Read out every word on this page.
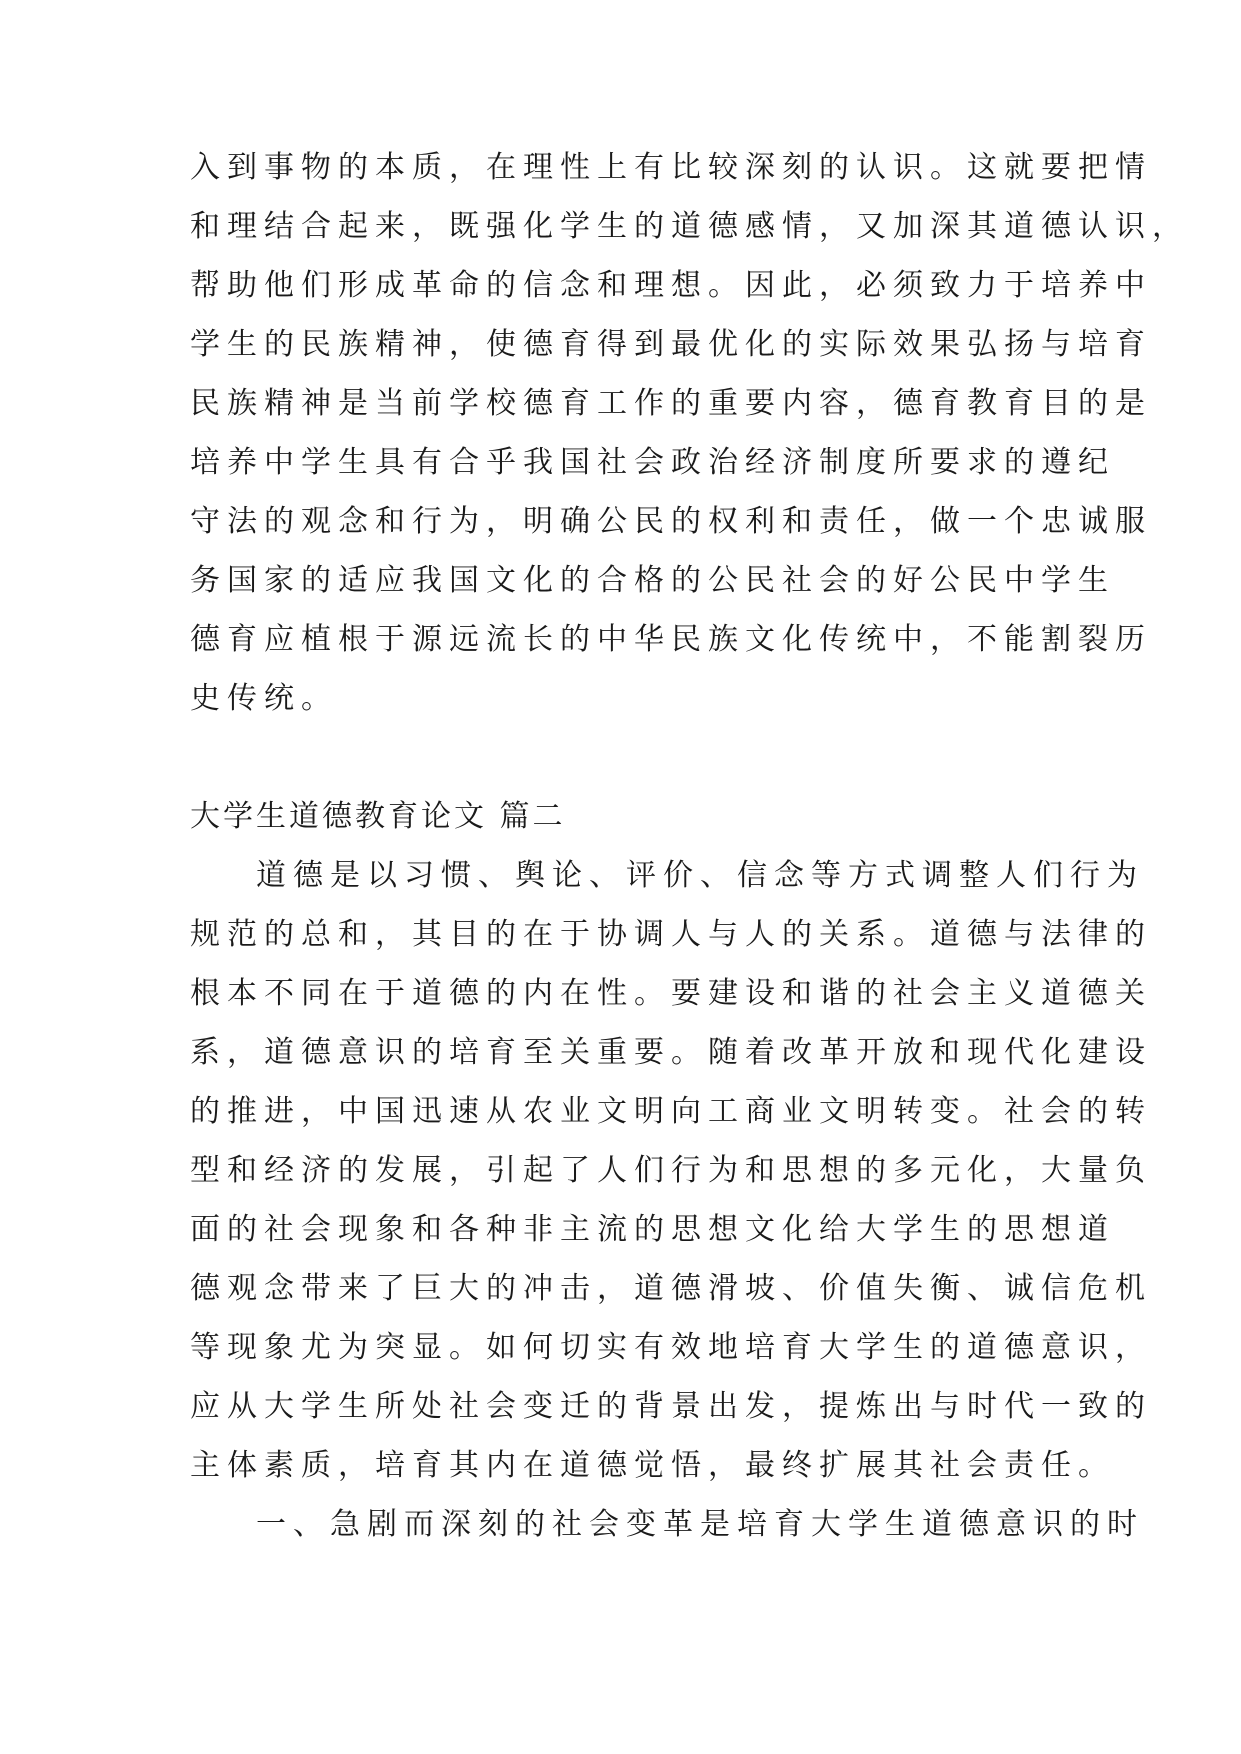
入到事物的本质，在理性上有比较深刻的认识。这就要把情
和理结合起来，既强化学生的道德感情，又加深其道德认识，
帮助他们形成革命的信念和理想。因此，必须致力于培养中
学生的民族精神，使德育得到最优化的实际效果弘扬与培育
民族精神是当前学校德育工作的重要内容，德育教育目的是
培养中学生具有合乎我国社会政治经济制度所要求的遵纪
守法的观念和行为，明确公民的权利和责任，做一个忠诚服
务国家的适应我国文化的合格的公民社会的好公民中学生
德育应植根于源远流长的中华民族文化传统中，不能割裂历
史传统。
大学生道德教育论文 篇二
道德是以习惯、舆论、评价、信念等方式调整人们行为
规范的总和，其目的在于协调人与人的关系。道德与法律的
根本不同在于道德的内在性。要建设和谐的社会主义道德关
系，道德意识的培育至关重要。随着改革开放和现代化建设
的推进，中国迅速从农业文明向工商业文明转变。社会的转
型和经济的发展，引起了人们行为和思想的多元化，大量负
面的社会现象和各种非主流的思想文化给大学生的思想道
德观念带来了巨大的冲击，道德滑坡、价值失衡、诚信危机
等现象尤为突显。如何切实有效地培育大学生的道德意识，
应从大学生所处社会变迁的背景出发，提炼出与时代一致的
主体素质，培育其内在道德觉悟，最终扩展其社会责任。
一、急剧而深刻的社会变革是培育大学生道德意识的时
